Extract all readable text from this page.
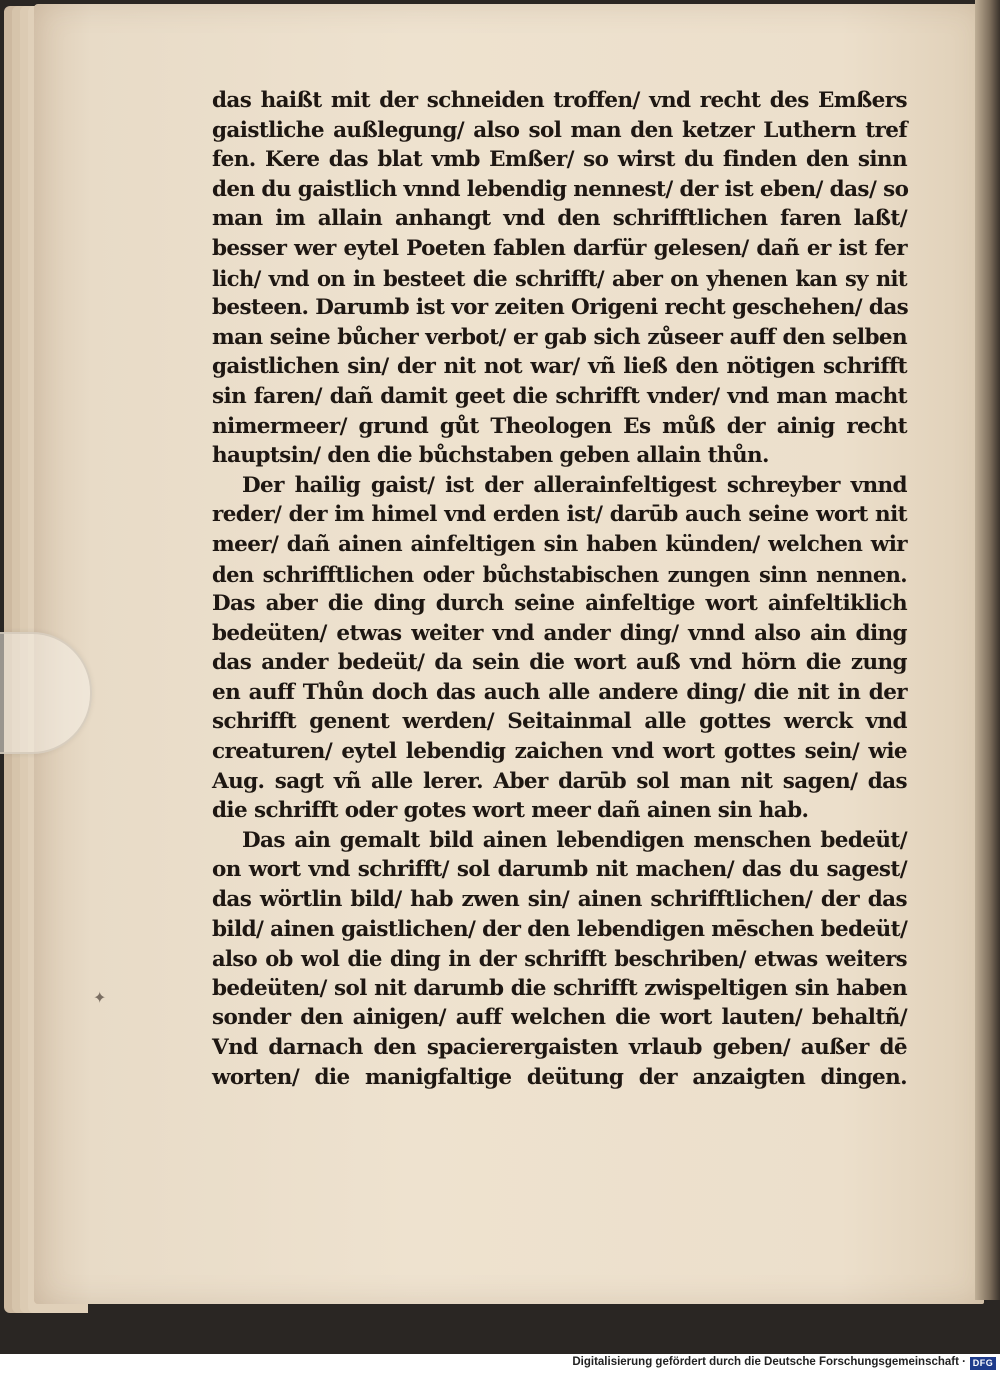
✦
das haißt mit der schneiden troffen/ vnd recht des Emßers
gaistliche außlegung/ also sol man den ketzer Luthern tref
fen. Kere das blat vmb Emßer/ so wirst du finden den sinn
den du gaistlich vnnd lebendig nennest/ der ist eben/ das/ so
man im allain anhangt vnd den schrifftlichen faren laßt/
besser wer eytel Poeten fablen darfür gelesen/ dañ er ist fer
lich/ vnd on in besteet die schrifft/ aber on yhenen kan sy nit
besteen. Darumb ist vor zeiten Origeni recht geschehen/ das
man seine bůcher verbot/ er gab sich zůseer auff den selben
gaistlichen sin/ der nit not war/ vñ ließ den nötigen schrifft
sin faren/ dañ damit geet die schrifft vnder/ vnd man macht
nimermeer/ grund gůt Theologen Es můß der ainig recht
hauptsin/ den die bůchstaben geben allain thůn.
Der hailig gaist/ ist der allerainfeltigest schreyber vnnd
reder/ der im himel vnd erden ist/ darūb auch seine wort nit
meer/ dañ ainen ainfeltigen sin haben künden/ welchen wir
den schrifftlichen oder bůchstabischen zungen sinn nennen.
Das aber die ding durch seine ainfeltige wort ainfeltiklich
bedeüten/ etwas weiter vnd ander ding/ vnnd also ain ding
das ander bedeüt/ da sein die wort auß vnd hörn die zung
en auff Thůn doch das auch alle andere ding/ die nit in der
schrifft genent werden/ Seitainmal alle gottes werck vnd
creaturen/ eytel lebendig zaichen vnd wort gottes sein/ wie
Aug. sagt vñ alle lerer. Aber darūb sol man nit sagen/ das
die schrifft oder gotes wort meer dañ ainen sin hab.
Das ain gemalt bild ainen lebendigen menschen bedeüt/
on wort vnd schrifft/ sol darumb nit machen/ das du sagest/
das wörtlin bild/ hab zwen sin/ ainen schrifftlichen/ der das
bild/ ainen gaistlichen/ der den lebendigen mēschen bedeüt/
also ob wol die ding in der schrifft beschriben/ etwas weiters
bedeüten/ sol nit darumb die schrifft zwispeltigen sin haben
sonder den ainigen/ auff welchen die wort lauten/ behaltñ/
Vnd darnach den spacierergaisten vrlaub geben/ außer dē
worten/ die manigfaltige deütung der anzaigten dingen.
Digitalisierung gefördert durch die Deutsche Forschungsgemeinschaft · DFG
